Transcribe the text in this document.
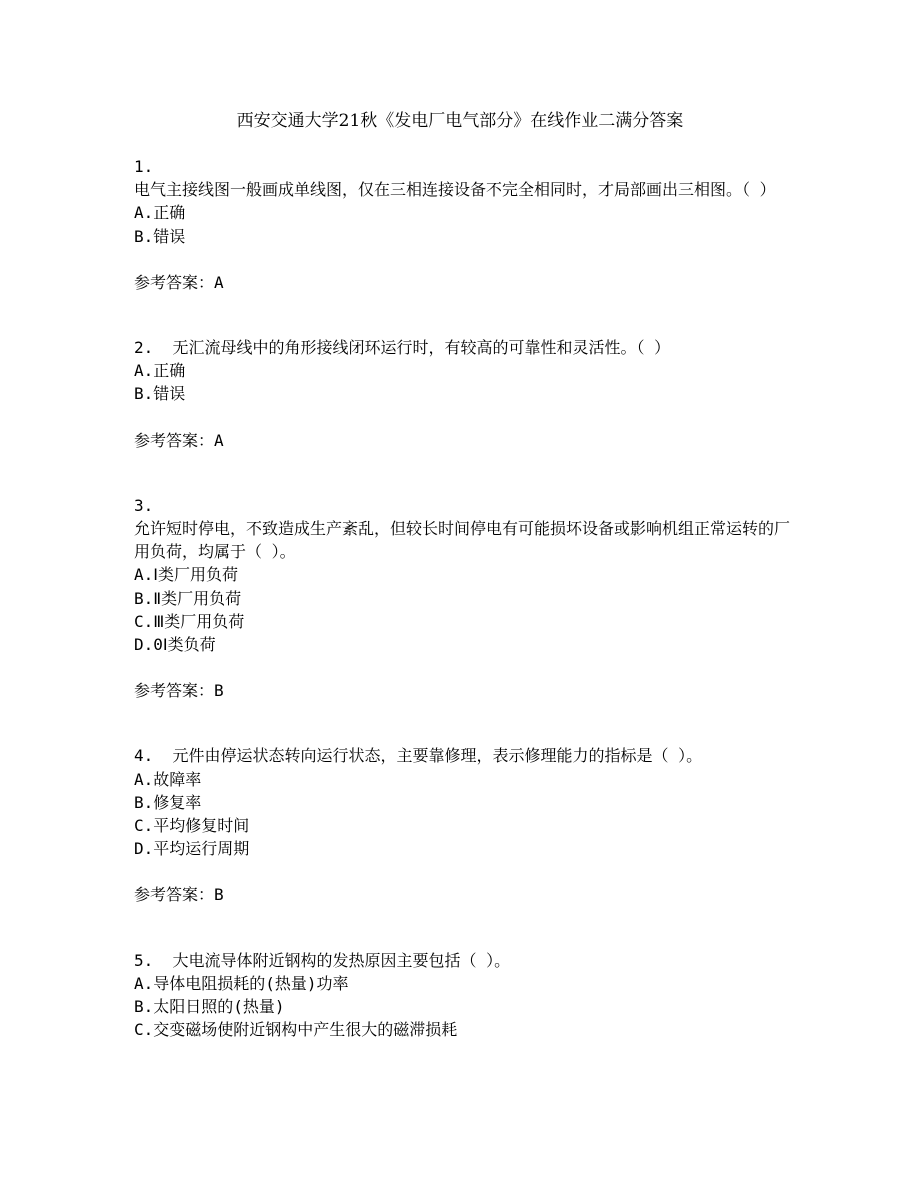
西安交通大学21秋《发电厂电气部分》在线作业二满分答案
1.
电气主接线图一般画成单线图，仅在三相连接设备不完全相同时，才局部画出三相图。（ ）
A.正确
B.错误
参考答案：A
2. 无汇流母线中的角形接线闭环运行时，有较高的可靠性和灵活性。（ ）
A.正确
B.错误
参考答案：A
3.
允许短时停电，不致造成生产紊乱，但较长时间停电有可能损坏设备或影响机组正常运转的厂用负荷，均属于（ ）。
A.Ⅰ类厂用负荷
B.Ⅱ类厂用负荷
C.Ⅲ类厂用负荷
D.0Ⅰ类负荷
参考答案：B
4. 元件由停运状态转向运行状态，主要靠修理，表示修理能力的指标是（ ）。
A.故障率
B.修复率
C.平均修复时间
D.平均运行周期
参考答案：B
5. 大电流导体附近钢构的发热原因主要包括（ ）。
A.导体电阻损耗的(热量)功率
B.太阳日照的(热量)
C.交变磁场使附近钢构中产生很大的磁滞损耗
